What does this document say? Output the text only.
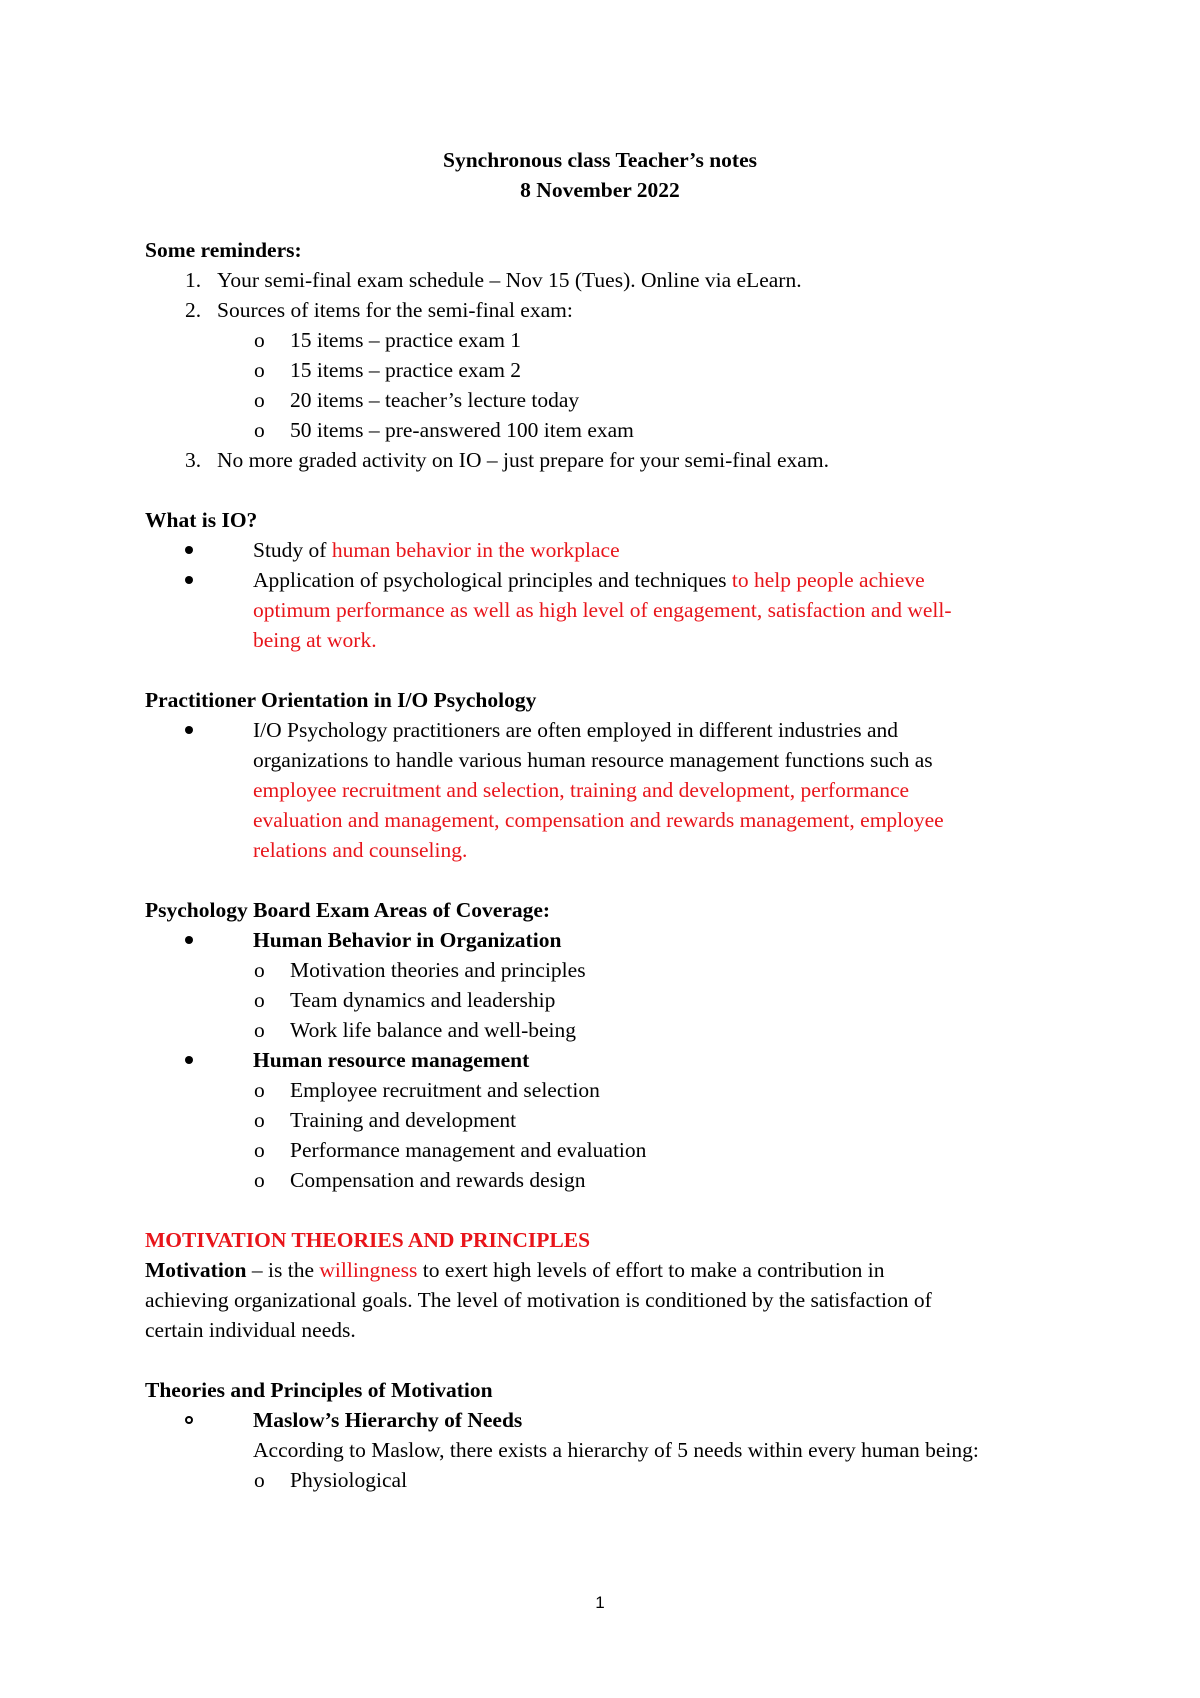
Synchronous class Teacher’s notes
8 November 2022
Some reminders:
1. Your semi-final exam schedule – Nov 15 (Tues). Online via eLearn.
2. Sources of items for the semi-final exam:
o	15 items – practice exam 1
o	15 items – practice exam 2
o	20 items – teacher’s lecture today
o	50 items – pre-answered 100 item exam
3. No more graded activity on IO – just prepare for your semi-final exam.
What is IO?
Study of human behavior in the workplace
Application of psychological principles and techniques to help people achieve
optimum performance as well as high level of engagement, satisfaction and well-
being at work.
Practitioner Orientation in I/O Psychology
I/O Psychology practitioners are often employed in different industries and
organizations to handle various human resource management functions such as
employee recruitment and selection, training and development, performance
evaluation and management, compensation and rewards management, employee
relations and counseling.
Psychology Board Exam Areas of Coverage:
Human Behavior in Organization
o	Motivation theories and principles
o	Team dynamics and leadership
o	Work life balance and well-being
Human resource management
o	Employee recruitment and selection
o	Training and development
o	Performance management and evaluation
o	Compensation and rewards design
MOTIVATION THEORIES AND PRINCIPLES
Motivation – is the willingness to exert high levels of effort to make a contribution in
achieving organizational goals. The level of motivation is conditioned by the satisfaction of
certain individual needs.
Theories and Principles of Motivation
Maslow’s Hierarchy of Needs
According to Maslow, there exists a hierarchy of 5 needs within every human being:
o	Physiological
1
